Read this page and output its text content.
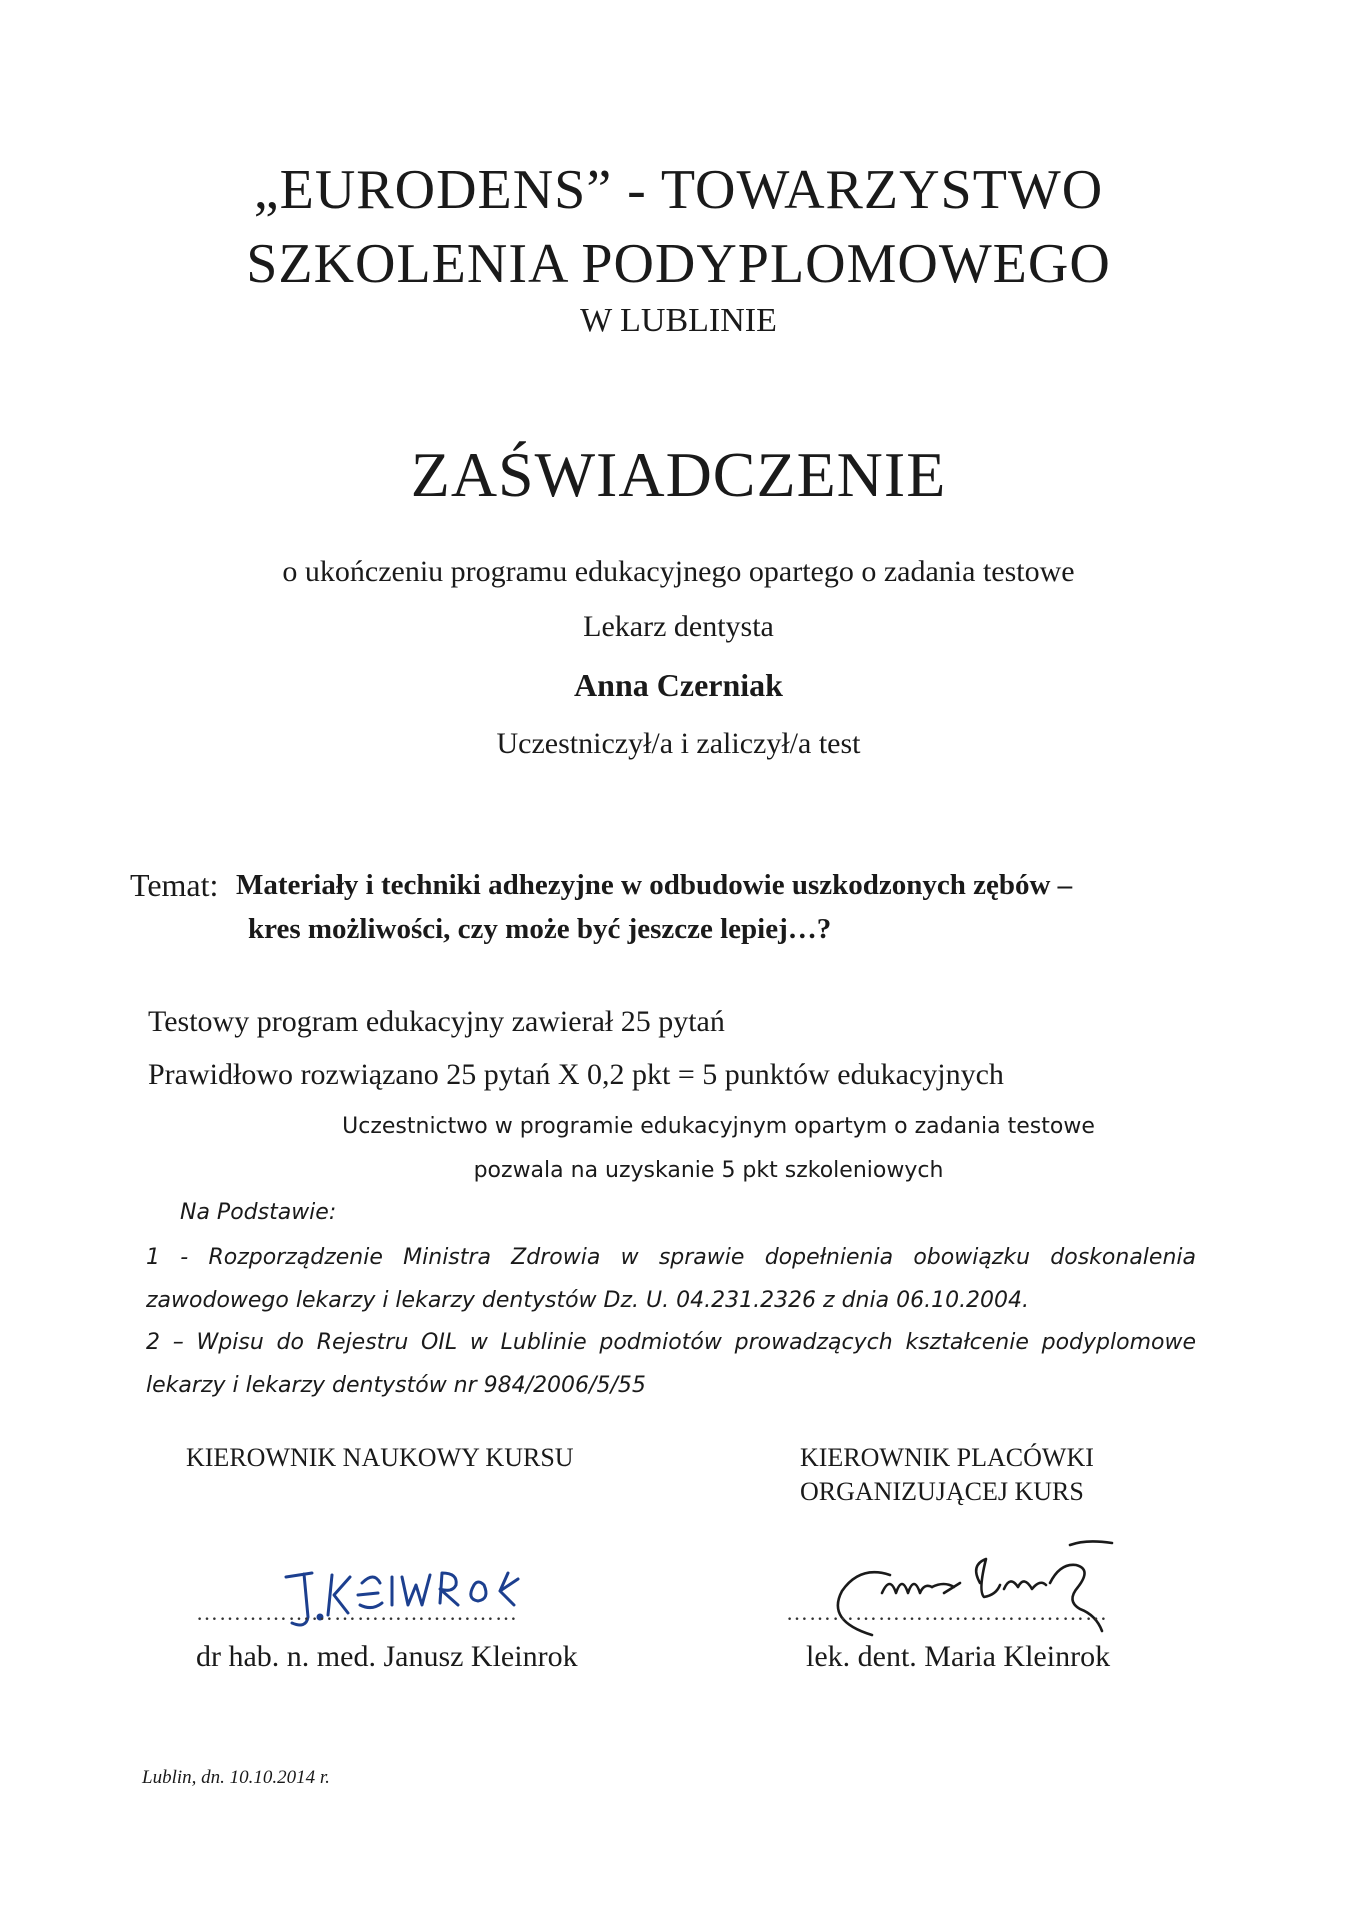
„EURODENS” - TOWARZYSTWO
SZKOLENIA PODYPLOMOWEGO
W LUBLINIE
ZAŚWIADCZENIE
o ukończeniu programu edukacyjnego opartego o zadania testowe
Lekarz dentysta
Anna Czerniak
Uczestniczył/a i zaliczył/a test
Temat: Materiały i techniki adhezyjne w odbudowie uszkodzonych zębów –
kres możliwości, czy może być jeszcze lepiej…?
Testowy program edukacyjny zawierał 25 pytań
Prawidłowo rozwiązano 25 pytań X 0,2 pkt = 5 punktów edukacyjnych
Uczestnictwo w programie edukacyjnym opartym o zadania testowe
pozwala na uzyskanie 5 pkt szkoleniowych
Na Podstawie:
1 - Rozporządzenie Ministra Zdrowia w sprawie dopełnienia obowiązku doskonalenia
zawodowego lekarzy i lekarzy dentystów Dz. U. 04.231.2326 z dnia 06.10.2004.
2 – Wpisu do Rejestru OIL w Lublinie podmiotów prowadzących kształcenie podyplomowe
lekarzy i lekarzy dentystów nr 984/2006/5/55
KIEROWNIK NAUKOWY KURSU	KIEROWNIK PLACÓWKI
ORGANIZUJĄCEJ KURS
……………………………………	……………………………………
dr hab. n. med. Janusz Kleinrok	lek. dent. Maria Kleinrok
Lublin, dn. 10.10.2014 r.
